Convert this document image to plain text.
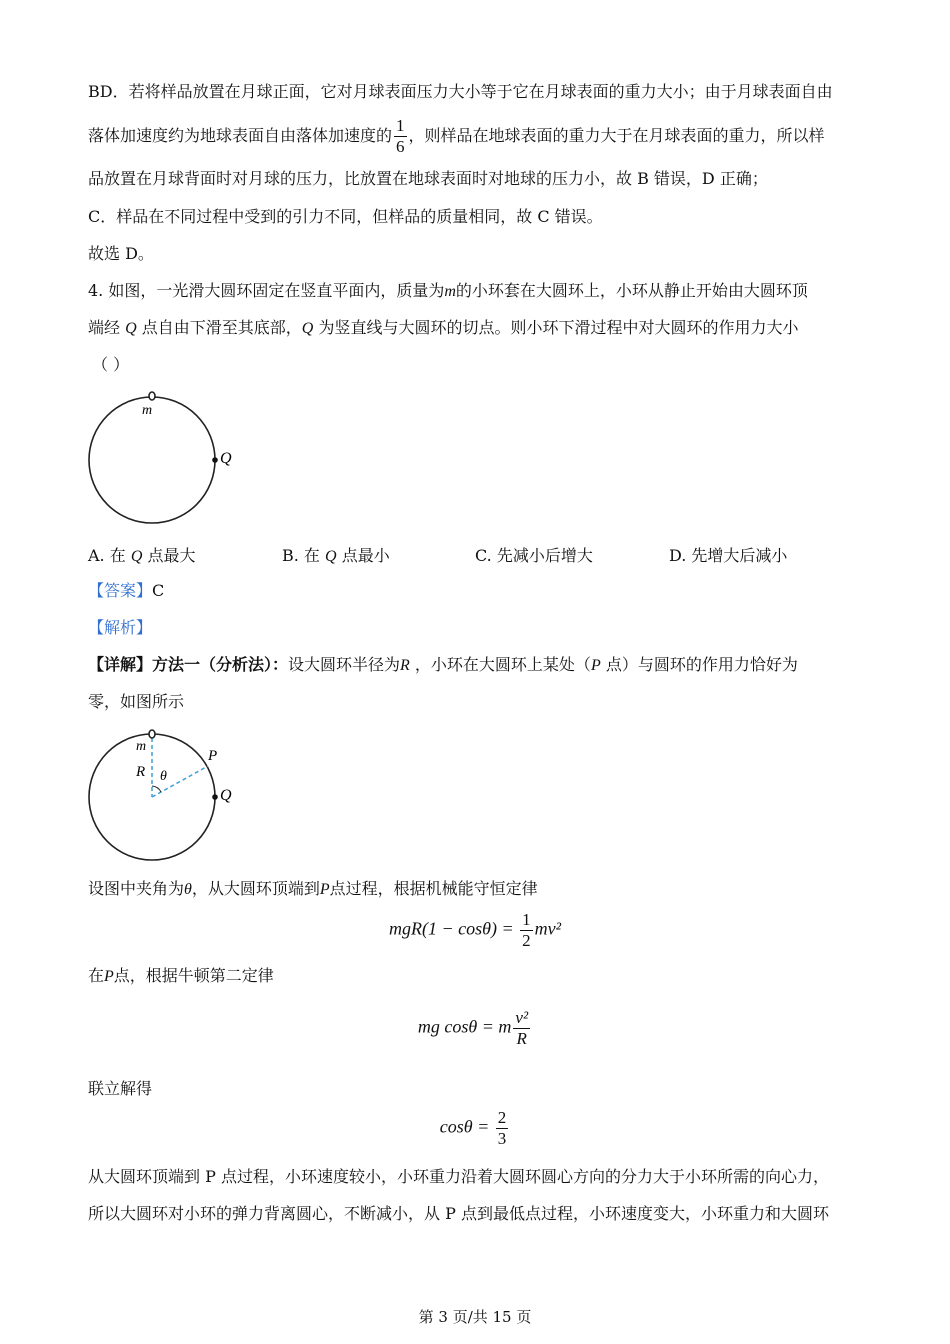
BD．若将样品放置在月球正面，它对月球表面压力大小等于它在月球表面的重力大小；由于月球表面自由
落体加速度约为地球表面自由落体加速度的 $\frac{1}{6}$ ，则样品在地球表面的重力大于在月球表面的重力，所以样
品放置在月球背面时对月球的压力，比放置在地球表面时对地球的压力小，故 B 错误，D 正确；
C．样品在不同过程中受到的引力不同，但样品的质量相同，故 C 错误。
故选 D。
4. 如图，一光滑大圆环固定在竖直平面内，质量为m的小环套在大圆环上，小环从静止开始由大圆环顶
端经 Q 点自由下滑至其底部，Q 为竖直线与大圆环的切点。则小环下滑过程中对大圆环的作用力大小
（ ）
m
Q
A. 在 Q 点最大	B. 在 Q 点最小	C. 先减小后增大	D. 先增大后减小
【答案】C
【解析】
【详解】方法一（分析法）：设大圆环半径为R ，小环在大圆环上某处（P 点）与圆环的作用力恰好为
零，如图所示
m
R θ
P
Q
设图中夹角为θ，从大圆环顶端到P点过程，根据机械能守恒定律
$mgR(1 - \cos\theta) = \frac{1}{2} mv^2$
在P点，根据牛顿第二定律
mg cosθ = m $\frac{\text{v²}}{R}$
联立解得
$\cos\theta = \frac{2}{3}$
从大圆环顶端到 P 点过程，小环速度较小，小环重力沿着大圆环圆心方向的分力大于小环所需的向心力，
所以大圆环对小环的弹力背离圆心，不断减小，从 P 点到最低点过程，小环速度变大，小环重力和大圆环
第 3 页/共 15 页
